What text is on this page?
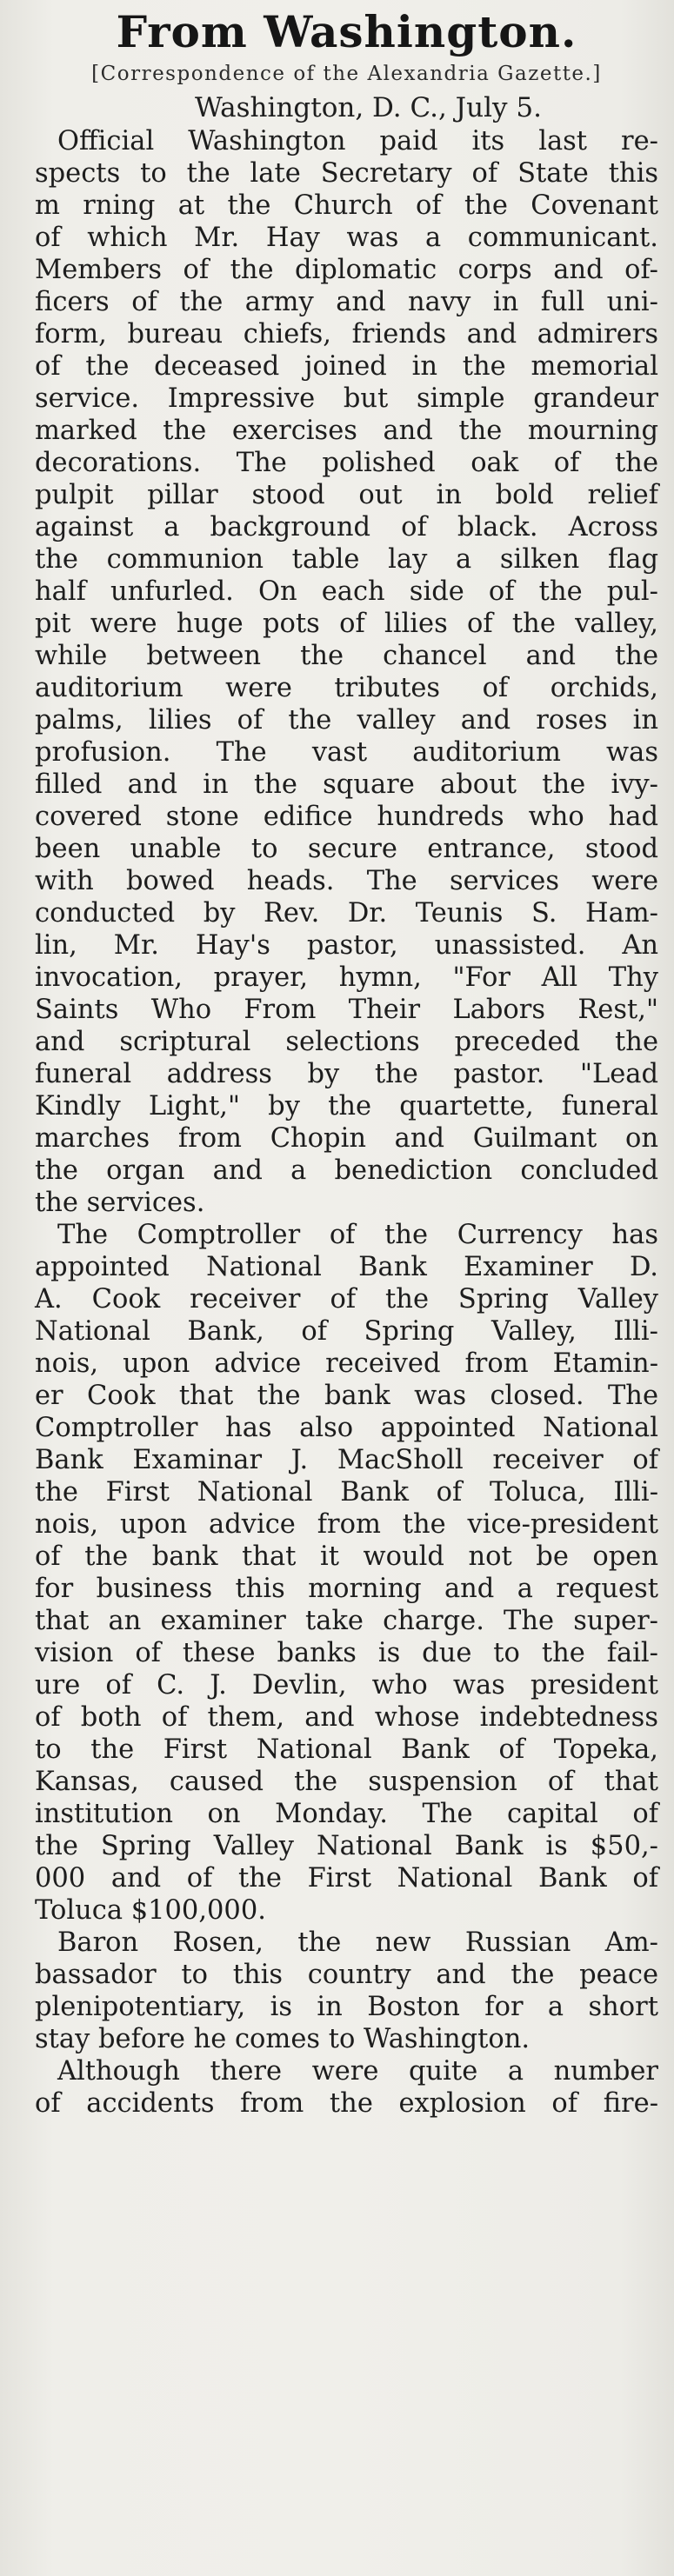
From Washington.
[Correspondence of the Alexandria Gazette.]
Washington, D. C., July 5.
Official Washington paid its last re-
spects to the late Secretary of State this
m rning at the Church of the Covenant
of which Mr. Hay was a communicant.
Members of the diplomatic corps and of-
ficers of the army and navy in full uni-
form, bureau chiefs, friends and admirers
of the deceased joined in the memorial
service. Impressive but simple grandeur
marked the exercises and the mourning
decorations. The polished oak of the
pulpit pillar stood out in bold relief
against a background of black. Across
the communion table lay a silken flag
half unfurled. On each side of the pul-
pit were huge pots of lilies of the valley,
while between the chancel and the
auditorium were tributes of orchids,
palms, lilies of the valley and roses in
profusion. The vast auditorium was
filled and in the square about the ivy-
covered stone edifice hundreds who had
been unable to secure entrance, stood
with bowed heads. The services were
conducted by Rev. Dr. Teunis S. Ham-
lin, Mr. Hay's pastor, unassisted. An
invocation, prayer, hymn, "For All Thy
Saints Who From Their Labors Rest,"
and scriptural selections preceded the
funeral address by the pastor. "Lead
Kindly Light," by the quartette, funeral
marches from Chopin and Guilmant on
the organ and a benediction concluded
the services.
The Comptroller of the Currency has
appointed National Bank Examiner D.
A. Cook receiver of the Spring Valley
National Bank, of Spring Valley, Illi-
nois, upon advice received from Etamin-
er Cook that the bank was closed. The
Comptroller has also appointed National
Bank Examinar J. MacSholl receiver of
the First National Bank of Toluca, Illi-
nois, upon advice from the vice-president
of the bank that it would not be open
for business this morning and a request
that an examiner take charge. The super-
vision of these banks is due to the fail-
ure of C. J. Devlin, who was president
of both of them, and whose indebtedness
to the First National Bank of Topeka,
Kansas, caused the suspension of that
institution on Monday. The capital of
the Spring Valley National Bank is $50,-
000 and of the First National Bank of
Toluca $100,000.
Baron Rosen, the new Russian Am-
bassador to this country and the peace
plenipotentiary, is in Boston for a short
stay before he comes to Washington.
Although there were quite a number
of accidents from the explosion of fire-
